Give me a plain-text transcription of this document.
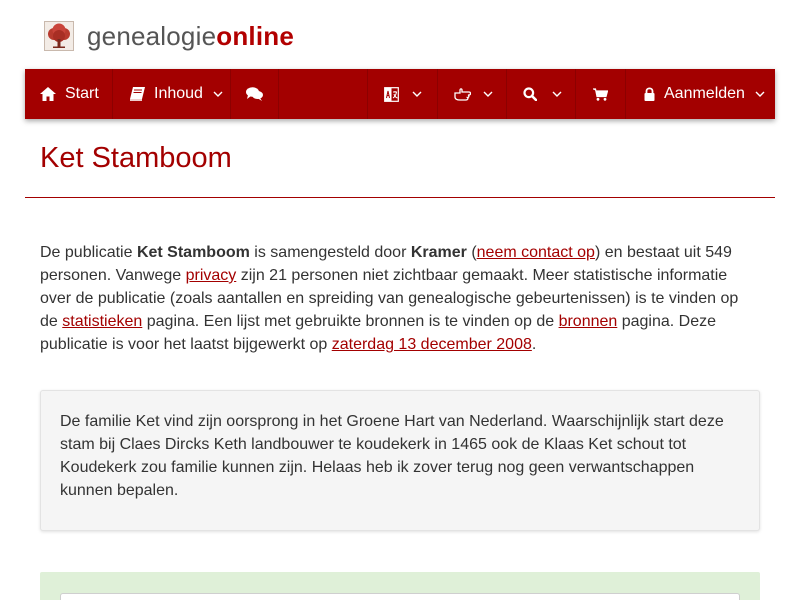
genealogieonline
Start	Inhoud	Aanmelden
Ket Stamboom

De publicatie Ket Stamboom is samengesteld door Kramer (neem contact op) en bestaat uit 549 personen. Vanwege privacy zijn 21 personen niet zichtbaar gemaakt. Meer statistische informatie over de publicatie (zoals aantallen en spreiding van genealogische gebeurtenissen) is te vinden op de statistieken pagina. Een lijst met gebruikte bronnen is te vinden op de bronnen pagina. Deze publicatie is voor het laatst bijgewerkt op zaterdag 13 december 2008.

De familie Ket vind zijn oorsprong in het Groene Hart van Nederland. Waarschijnlijk start deze stam bij Claes Dircks Keth landbouwer te koudekerk in 1465 ook de Klaas Ket schout tot Koudekerk zou familie kunnen zijn. Helaas heb ik zover terug nog geen verwantschappen kunnen bepalen.
